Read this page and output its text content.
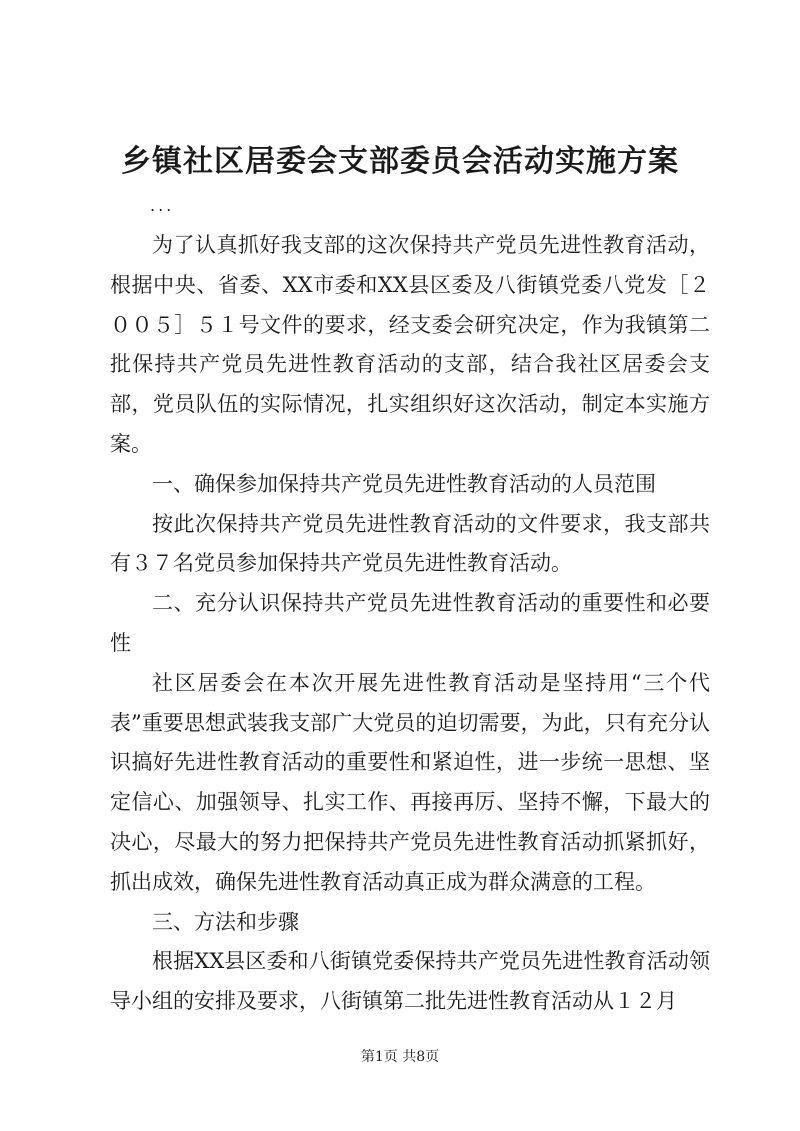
乡镇社区居委会支部委员会活动实施方案
...

为了认真抓好我支部的这次保持共产党员先进性教育活动，根据中央、省委、XX市委和XX县区委及八街镇党委八党发［２００５］５１号文件的要求，经支委会研究决定，作为我镇第二批保持共产党员先进性教育活动的支部，结合我社区居委会支部，党员队伍的实际情况，扎实组织好这次活动，制定本实施方案。

一、确保参加保持共产党员先进性教育活动的人员范围

按此次保持共产党员先进性教育活动的文件要求，我支部共有３７名党员参加保持共产党员先进性教育活动。

二、充分认识保持共产党员先进性教育活动的重要性和必要性

社区居委会在本次开展先进性教育活动是坚持用“三个代表”重要思想武装我支部广大党员的迫切需要，为此，只有充分认识搞好先进性教育活动的重要性和紧迫性，进一步统一思想、坚定信心、加强领导、扎实工作、再接再厉、坚持不懈，下最大的决心，尽最大的努力把保持共产党员先进性教育活动抓紧抓好，抓出成效，确保先进性教育活动真正成为群众满意的工程。

三、方法和步骤

根据XX县区委和八街镇党委保持共产党员先进性教育活动领导小组的安排及要求，八街镇第二批先进性教育活动从１２月

第1页 共8页
